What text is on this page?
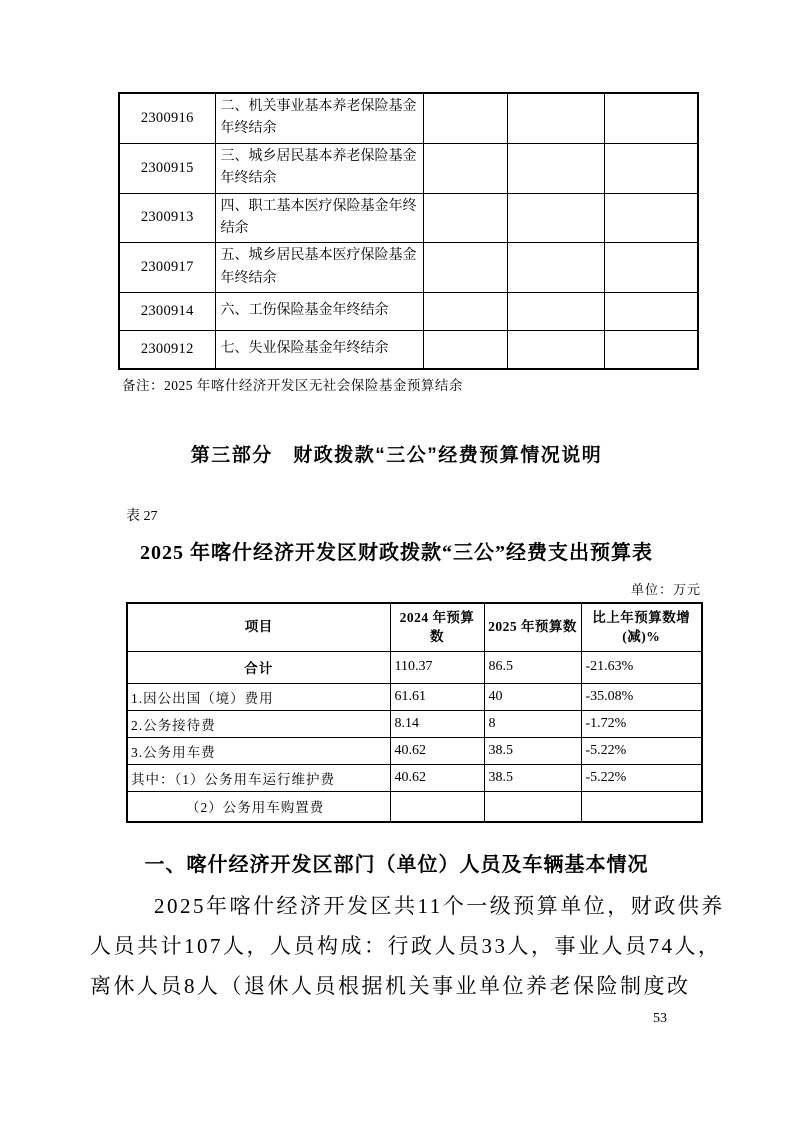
2300916	二、机关事业基本养老保险基金年终结余			
2300915	三、城乡居民基本养老保险基金年终结余			
2300913	四、职工基本医疗保险基金年终结余			
2300917	五、城乡居民基本医疗保险基金年终结余			
2300914	六、工伤保险基金年终结余			
2300912	七、失业保险基金年终结余			
备注：2025 年喀什经济开发区无社会保险基金预算结余
第三部分　财政拨款“三公”经费预算情况说明
表 27
2025 年喀什经济开发区财政拨款“三公”经费支出预算表
单位：万元
项目	2024 年预算数	2025 年预算数	比上年预算数增(减)%
合计	110.37	86.5	-21.63%
1.因公出国（境）费用	61.61	40	-35.08%
2.公务接待费	8.14	8	-1.72%
3.公务用车费	40.62	38.5	-5.22%
其中：（1）公务用车运行维护费	40.62	38.5	-5.22%
（2）公务用车购置费			
一、喀什经济开发区部门（单位）人员及车辆基本情况
2025年喀什经济开发区共11个一级预算单位，财政供养
人员共计107人，人员构成：行政人员33人，事业人员74人，
离休人员8人（退休人员根据机关事业单位养老保险制度改
53
